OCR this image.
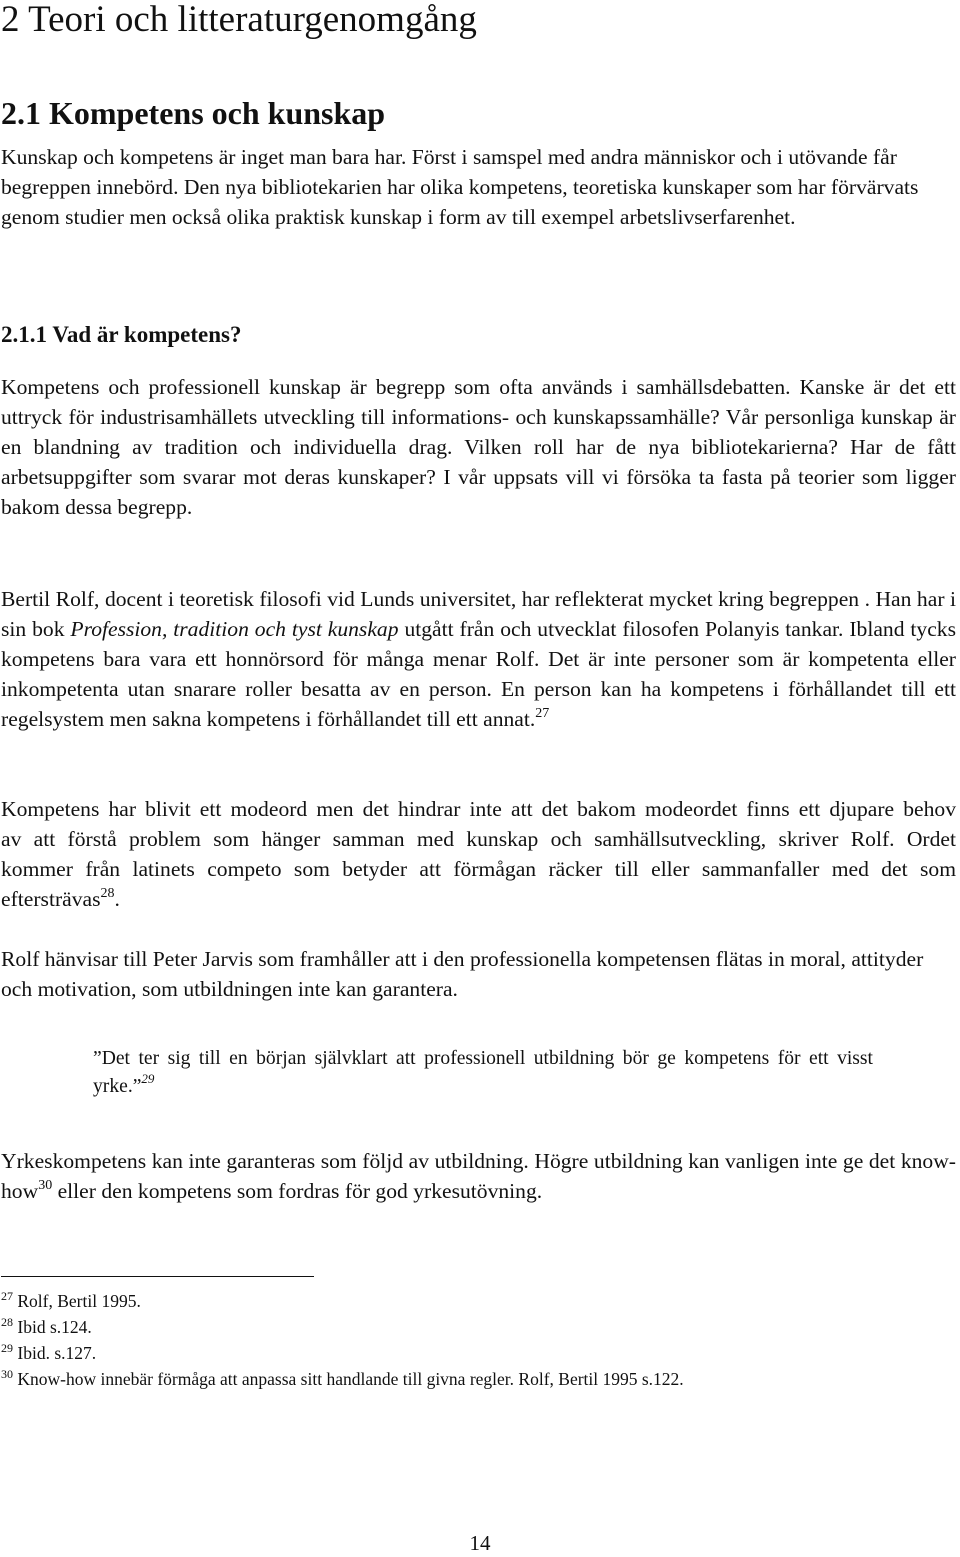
2 Teori och litteraturgenomgång
2.1 Kompetens och kunskap

Kunskap och kompetens är inget man bara har. Först i samspel med andra människor och i utövande får begreppen innebörd. Den nya bibliotekarien har olika kompetens, teoretiska kunskaper som har förvärvats genom studier men också olika praktisk kunskap i form av till exempel arbetslivserfarenhet.

2.1.1 Vad är kompetens?

Kompetens och professionell kunskap är begrepp som ofta används i samhällsdebatten. Kanske är det ett uttryck för industrisamhällets utveckling till informations- och kunskapssamhälle? Vår personliga kunskap är en blandning av tradition och individuella drag. Vilken roll har de nya bibliotekarierna? Har de fått arbetsuppgifter som svarar mot deras kunskaper? I vår uppsats vill vi försöka ta fasta på teorier som ligger bakom dessa begrepp.

Bertil Rolf, docent i teoretisk filosofi vid Lunds universitet, har reflekterat mycket kring begreppen . Han har i sin bok Profession, tradition och tyst kunskap utgått från och utvecklat filosofen Polanyis tankar. Ibland tycks kompetens bara vara ett honnörsord för många menar Rolf. Det är inte personer som är kompetenta eller inkompetenta utan snarare roller besatta av en person. En person kan ha kompetens i förhållandet till ett regelsystem men sakna kompetens i förhållandet till ett annat.$^{27}$

Kompetens har blivit ett modeord men det hindrar inte att det bakom modeordet finns ett djupare behov av att förstå problem som hänger samman med kunskap och samhällsutveckling, skriver Rolf. Ordet kommer från latinets competo som betyder att förmågan räcker till eller sammanfaller med det som eftersträvas$^{28}$.

Rolf hänvisar till Peter Jarvis som framhåller att i den professionella kompetensen flätas in moral, attityder och motivation, som utbildningen inte kan garantera.

”Det ter sig till en början självklart att professionell utbildning bör ge kompetens för ett visst yrke.”$^{29}$

Yrkeskompetens kan inte garanteras som följd av utbildning. Högre utbildning kan vanligen inte ge det know-how$^{30}$ eller den kompetens som fordras för god yrkesutövning.

$^{27}$ Rolf, Bertil 1995.

$^{28}$ Ibid s.124.

$^{29}$ Ibid. s.127.

$^{30}$ Know-how innebär förmåga att anpassa sitt handlande till givna regler. Rolf, Bertil 1995 s.122.

14
